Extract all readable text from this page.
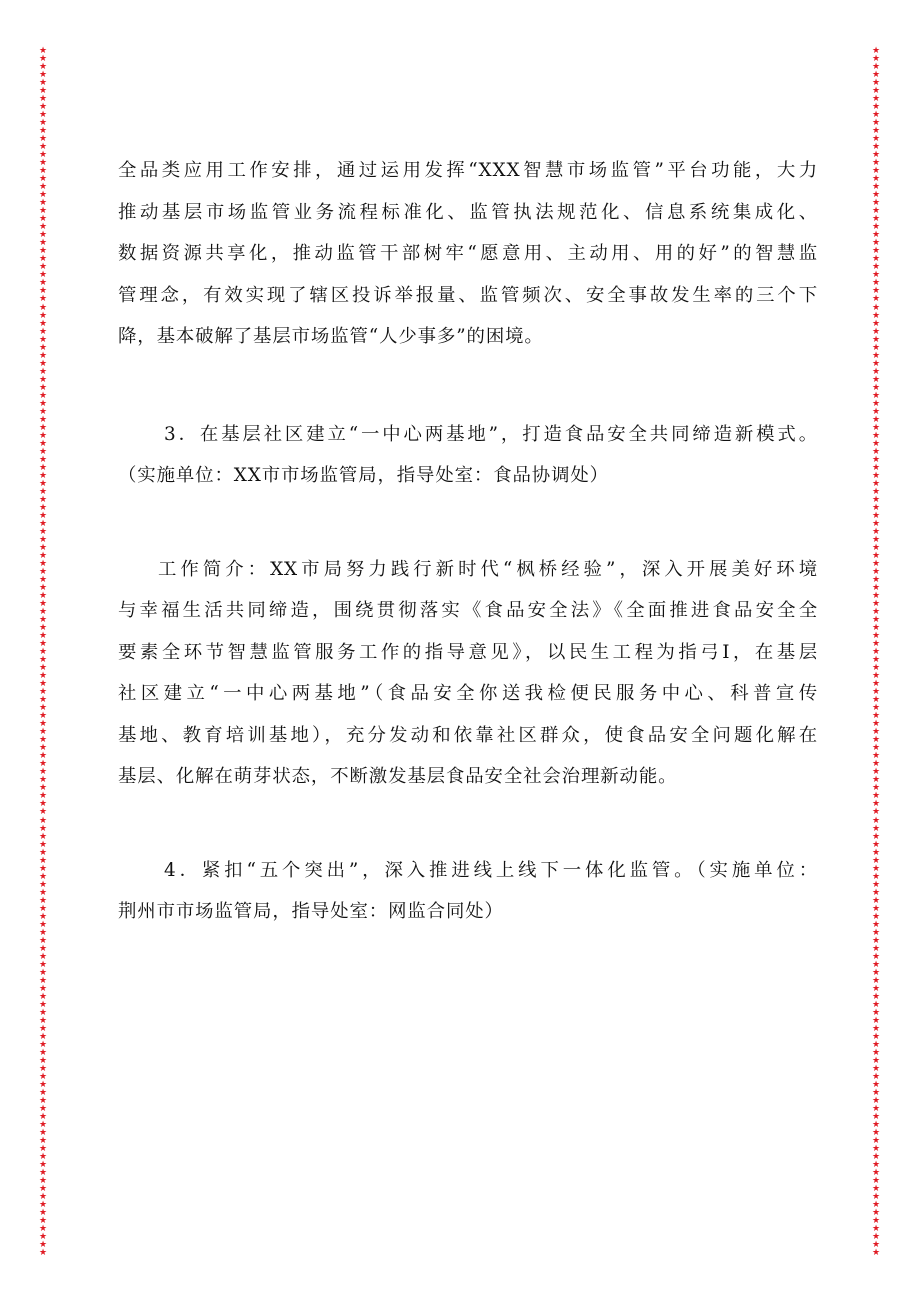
★
★
★
★
★
★
★
★
★
★
★
★
★
★
★
★
★
★
★
★
★
★
★
★
★
★
★
★
★
★
★
★
★
★
★
★
★
★
★
★
★
★
★
★
★
★
★
★
★
★
★
★
★
★
★
★
★
★
★
★
★
★
★
★
★
★
★
★
★
★
★
★
★
★
★
★
★
★
★
★
★
★
★
★
★
★
★
★
★
★
★
★
★
★
★
★
★
★
★
★
★
★
★
★
★
★
★
★
★
★
★
★
★
★
★
★
★
★
★
★
★
★
★
★
★
★
★
★
★
★
★
★
★
★
★
★
★
★
★
★
★
★
★
★
★
★
★
★
★
★
★
★
★
★
★
★
★
★
★
★
★
★
★
★
★
★
★
★
★
★
★
★
★
★
★
★
★
★
★
★
★
★
★
★
★
★
★
★
★
★
★
★
★
★
★
★
★
★
★
★
★
★
★
★
★
★
★
★
★
★
★
★
★
★
★
★
★
★
★
★
★
★
★
★
★
★
★
★
★
★
★
★
★
★
★
★
★
★
★
★
★
★
★
★
★
★
★
★
★
★
★
★
★
★
★
★
★
★
★
★
★
★
★
★
★
★
★
★
★
★
★
★
★
★
★
★
★
★
★
★
★
★
★
★
★
★
★
★
★
★
★
★
★
★
★
★
★
★
★
★
★
★

全品类应用工作安排，通过运用发挥“XXX智慧市场监管”平台功能，大力
推动基层市场监管业务流程标准化、监管执法规范化、信息系统集成化、
数据资源共享化，推动监管干部树牢“愿意用、主动用、用的好”的智慧监
管理念，有效实现了辖区投诉举报量、监管频次、安全事故发生率的三个下
降，基本破解了基层市场监管“人少事多”的困境。

3．在基层社区建立“一中心两基地”，打造食品安全共同缔造新模式。
（实施单位：XX市市场监管局，指导处室：食品协调处）

工作简介：XX市局努力践行新时代“枫桥经验”，深入开展美好环境
与幸福生活共同缔造，围绕贯彻落实《食品安全法》《全面推进食品安全全
要素全环节智慧监管服务工作的指导意见》，以民生工程为指弓I，在基层
社区建立“一中心两基地”（食品安全你送我检便民服务中心、科普宣传
基地、教育培训基地），充分发动和依靠社区群众，使食品安全问题化解在
基层、化解在萌芽状态，不断激发基层食品安全社会治理新动能。

4．紧扣“五个突出”，深入推进线上线下一体化监管。（实施单位：
荆州市市场监管局，指导处室：网监合同处）
